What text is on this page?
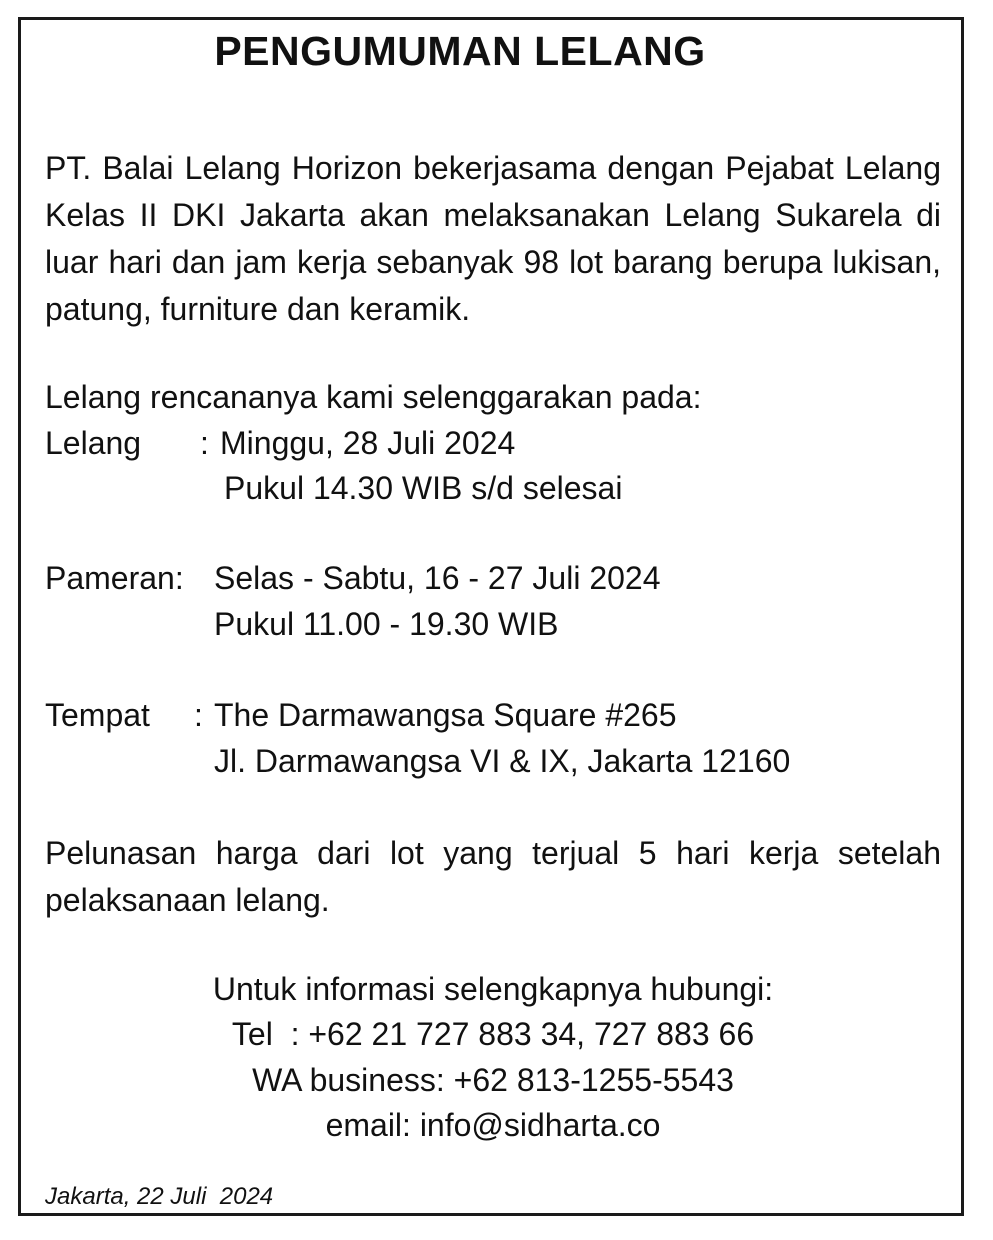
PENGUMUMAN LELANG
PT. Balai Lelang Horizon bekerjasama dengan Pejabat Lelang Kelas II DKI Jakarta akan melaksanakan Lelang Sukarela di luar hari dan jam kerja sebanyak 98 lot barang berupa lukisan, patung, furniture dan keramik.
Lelang rencananya kami selenggarakan pada:
Lelang : Minggu, 28 Juli 2024
Pukul 14.30 WIB s/d selesai
Pameran: Selas - Sabtu, 16 - 27 Juli 2024
Pukul 11.00 - 19.30 WIB
Tempat : The Darmawangsa Square #265
Jl. Darmawangsa VI & IX, Jakarta 12160
Pelunasan harga dari lot yang terjual 5 hari kerja setelah pelaksanaan lelang.
Untuk informasi selengkapnya hubungi:
Tel  : +62 21 727 883 34, 727 883 66
WA business: +62 813-1255-5543
email: info@sidharta.co
Jakarta, 22 Juli  2024
